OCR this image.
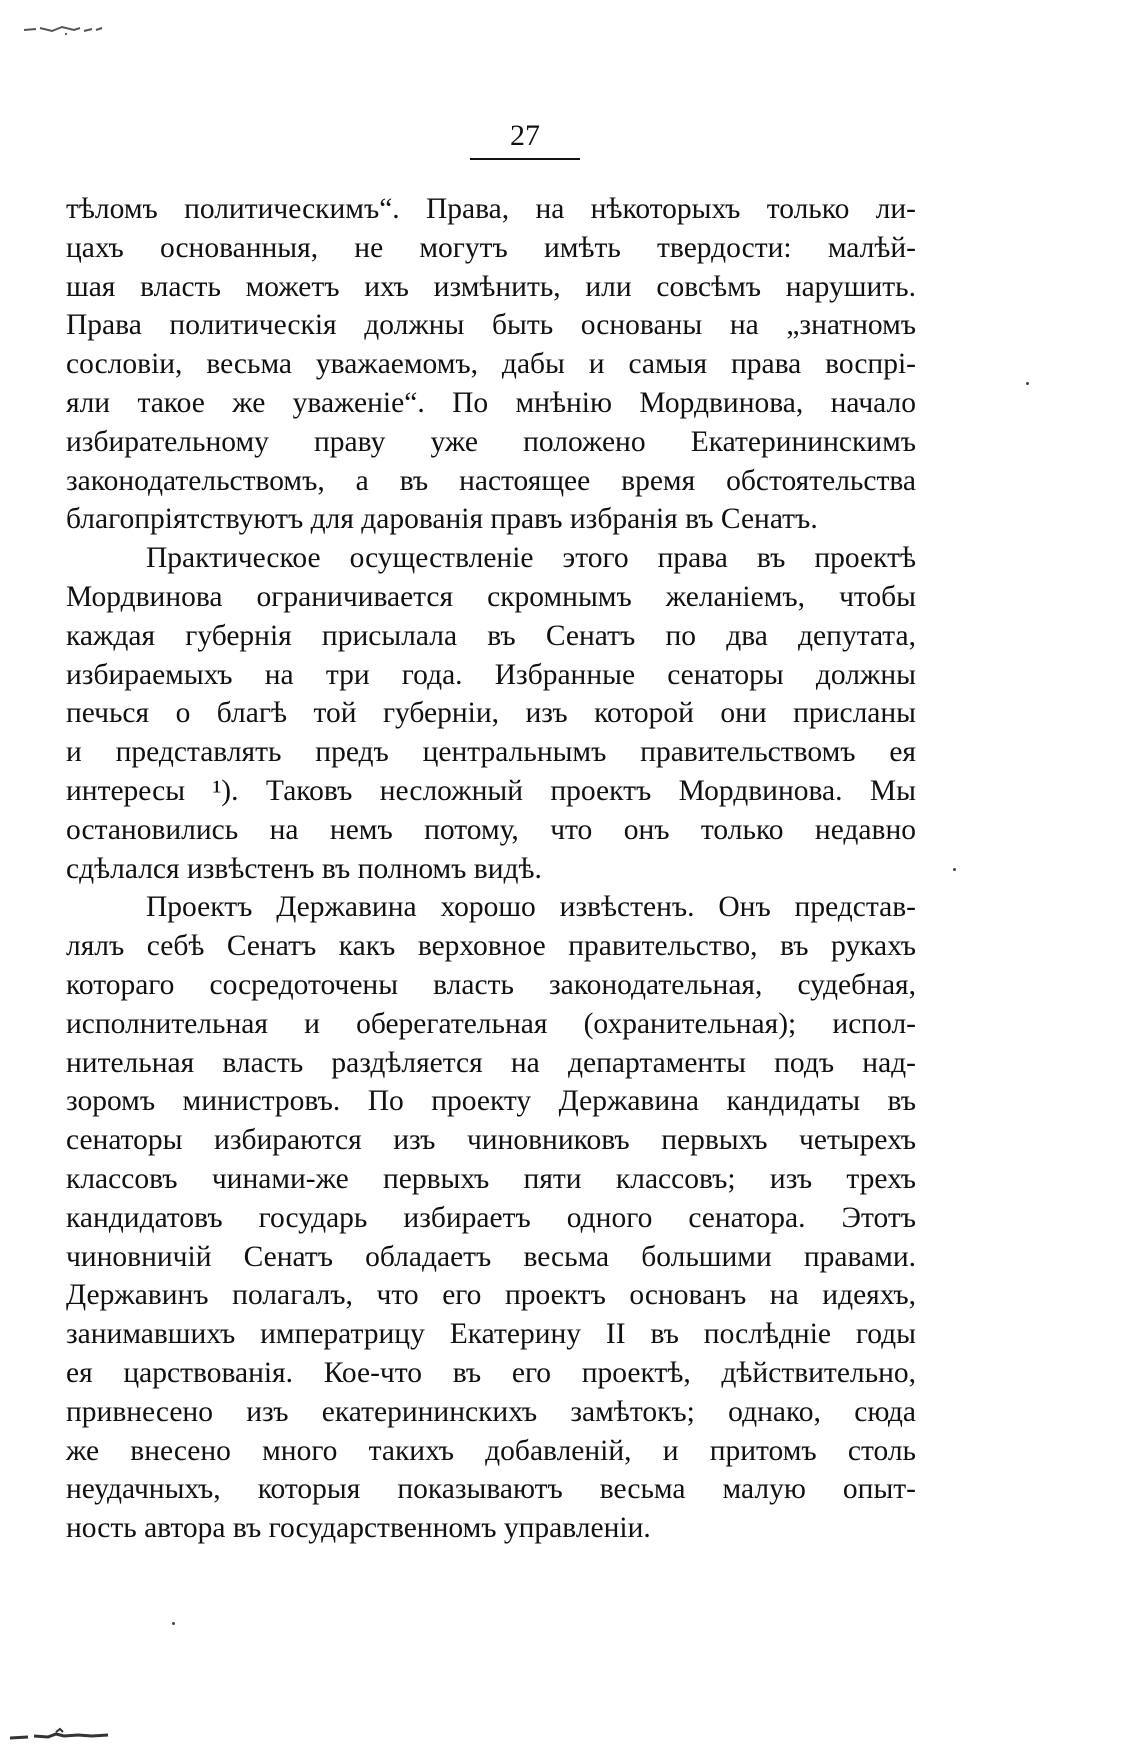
27
тѣломъ политическимъ“. Права, на нѣкоторыхъ только ли-
цахъ основанныя, не могутъ имѣть твердости: малѣй-
шая власть можетъ ихъ измѣнить, или совсѣмъ нарушить.
Права политическія должны быть основаны на „знатномъ
сословіи, весьма уважаемомъ, дабы и самыя права воспрі-
яли такое же уваженіе“. По мнѣнію Мордвинова, начало
избирательному праву уже положено Екатерининскимъ
законодательствомъ, а въ настоящее время обстоятельства
благопріятствуютъ для дарованія правъ избранія въ Сенатъ.
Практическое осуществленіе этого права въ проектѣ
Мордвинова ограничивается скромнымъ желаніемъ, чтобы
каждая губернія присылала въ Сенатъ по два депутата,
избираемыхъ на три года. Избранные сенаторы должны
печься о благѣ той губерніи, изъ которой они присланы
и представлять предъ центральнымъ правительствомъ ея
интересы ¹). Таковъ несложный проектъ Мордвинова. Мы
остановились на немъ потому, что онъ только недавно
сдѣлался извѣстенъ въ полномъ видѣ.
Проектъ Державина хорошо извѣстенъ. Онъ представ-
лялъ себѣ Сенатъ какъ верховное правительство, въ рукахъ
котораго сосредоточены власть законодательная, судебная,
исполнительная и оберегательная (охранительная); испол-
нительная власть раздѣляется на департаменты подъ над-
зоромъ министровъ. По проекту Державина кандидаты въ
сенаторы избираются изъ чиновниковъ первыхъ четырехъ
классовъ чинами-же первыхъ пяти классовъ; изъ трехъ
кандидатовъ государь избираетъ одного сенатора. Этотъ
чиновничій Сенатъ обладаетъ весьма большими правами.
Державинъ полагалъ, что его проектъ основанъ на идеяхъ,
занимавшихъ императрицу Екатерину II въ послѣдніе годы
ея царствованія. Кое-что въ его проектѣ, дѣйствительно,
привнесено изъ екатерининскихъ замѣтокъ; однако, сюда
же внесено много такихъ добавленій, и притомъ столь
неудачныхъ, которыя показываютъ весьма малую опыт-
ность автора въ государственномъ управленіи.
